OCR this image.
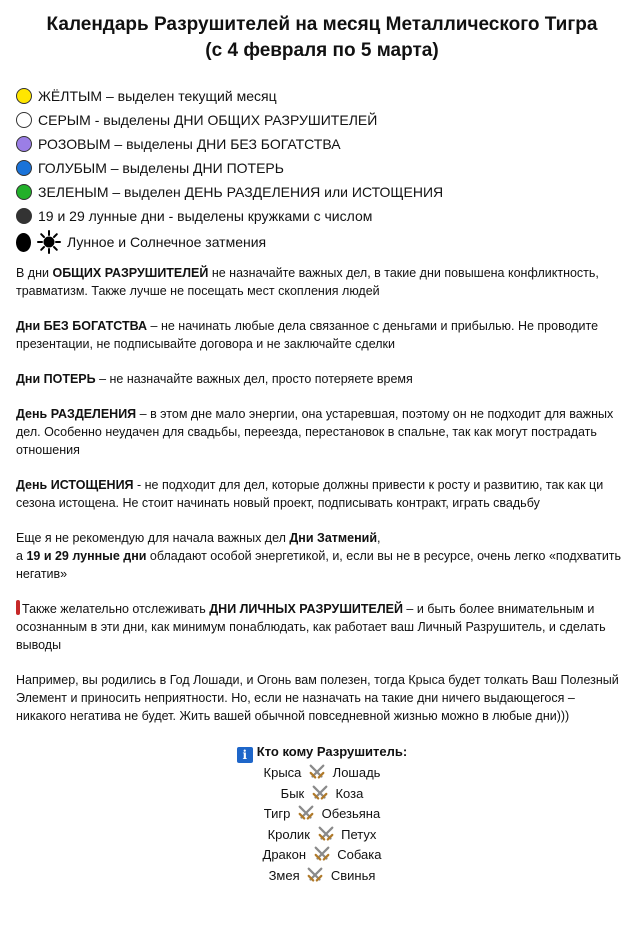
Календарь Разрушителей на месяц Металлического Тигра
(с 4 февраля по 5 марта)
ЖЁЛТЫМ – выделен текущий месяц
СЕРЫМ - выделены ДНИ ОБЩИХ РАЗРУШИТЕЛЕЙ
РОЗОВЫМ – выделены ДНИ БЕЗ БОГАТСТВА
ГОЛУБЫМ – выделены ДНИ ПОТЕРЬ
ЗЕЛЕНЫМ – выделен ДЕНЬ РАЗДЕЛЕНИЯ или ИСТОЩЕНИЯ
19 и 29 лунные дни - выделены кружками с числом
Лунное и Солнечное затмения

В дни ОБЩИХ РАЗРУШИТЕЛЕЙ не назначайте важных дел, в такие дни повышена конфликтность, травматизм. Также лучше не посещать мест скопления людей

Дни БЕЗ БОГАТСТВА – не начинать любые дела связанное с деньгами и прибылью. Не проводите презентации, не подписывайте договора и не заключайте сделки

Дни ПОТЕРЬ – не назначайте важных дел, просто потеряете время

День РАЗДЕЛЕНИЯ – в этом дне мало энергии, она устаревшая, поэтому он не подходит для важных дел. Особенно неудачен для свадьбы, переезда, перестановок в спальне, так как могут пострадать отношения

День ИСТОЩЕНИЯ - не подходит для дел, которые должны привести к росту и развитию, так как ци сезона истощена. Не стоит начинать новый проект, подписывать контракт, играть свадьбу

Еще я не рекомендую для начала важных дел Дни Затмений,
а 19 и 29 лунные дни обладают особой энергетикой, и, если вы не в ресурсе, очень легко «подхватить негатив»

Также желательно отслеживать ДНИ ЛИЧНЫХ РАЗРУШИТЕЛЕЙ – и быть более внимательным и осознанным в эти дни, как минимум понаблюдать, как работает ваш Личный Разрушитель, и сделать выводы

Например, вы родились в Год Лошади, и Огонь вам полезен, тогда Крыса будет толкать Ваш Полезный Элемент и приносить неприятности. Но, если не назначать на такие дни ничего выдающегося – никакого негатива не будет. Жить вашей обычной повседневной жизнью можно в любые дни)))

i Кто кому Разрушитель:
Крыса Лошадь
Бык Коза
Тигр Обезьяна
Кролик Петух
Дракон Собака
Змея Свинья
